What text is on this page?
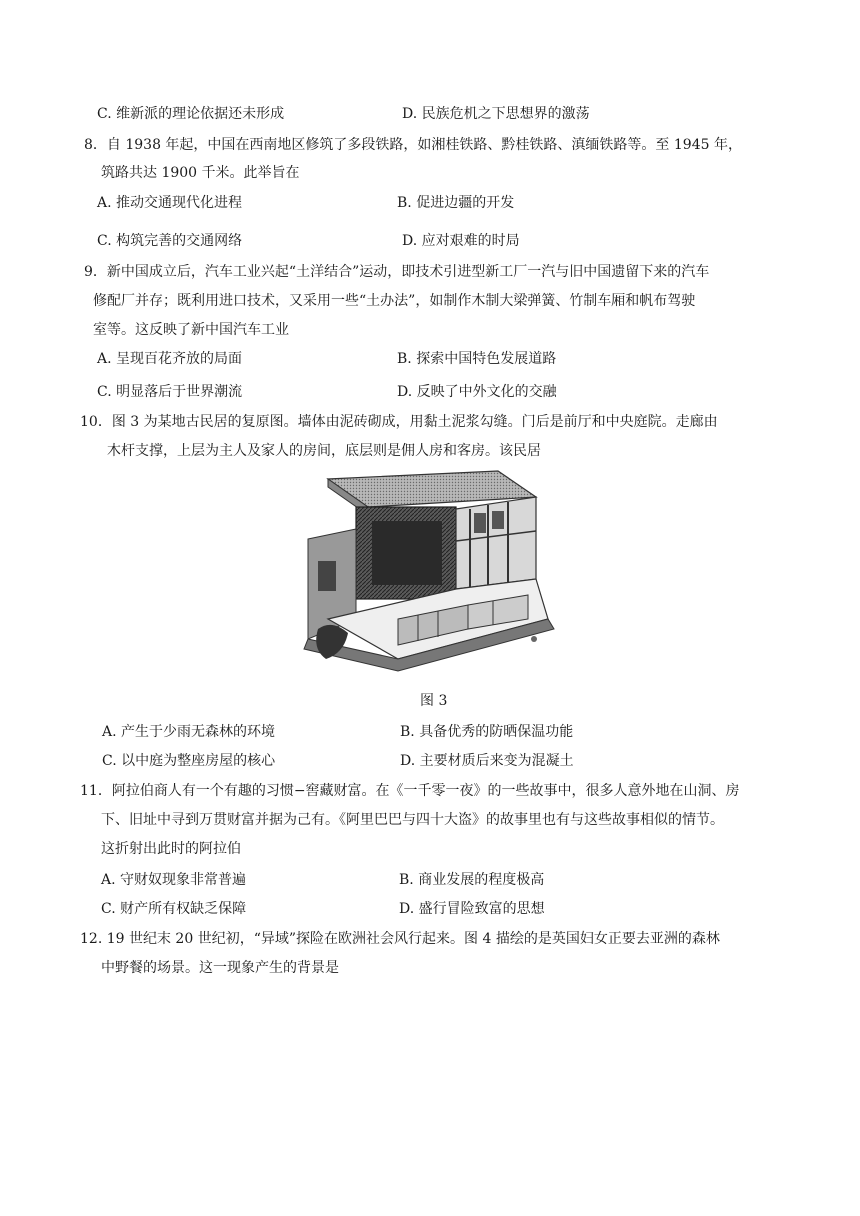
C. 维新派的理论依据还未形成	D. 民族危机之下思想界的激荡
8．自 1938 年起，中国在西南地区修筑了多段铁路，如湘桂铁路、黔桂铁路、滇缅铁路等。至 1945 年，
筑路共达 1900 千米。此举旨在
A. 推动交通现代化进程	B. 促进边疆的开发
C. 构筑完善的交通网络	D. 应对艰难的时局
9．新中国成立后，汽车工业兴起“土洋结合”运动，即技术引进型新工厂一汽与旧中国遗留下来的汽车
修配厂并存；既利用进口技术，又采用一些“土办法”，如制作木制大梁弹簧、竹制车厢和帆布驾驶
室等。这反映了新中国汽车工业
A. 呈现百花齐放的局面	B. 探索中国特色发展道路
C. 明显落后于世界潮流	D. 反映了中外文化的交融
10．图 3 为某地古民居的复原图。墙体由泥砖砌成，用黏土泥浆勾缝。门后是前厅和中央庭院。走廊由
木杆支撑，上层为主人及家人的房间，底层则是佣人房和客房。该民居
图 3
A. 产生于少雨无森林的环境	B. 具备优秀的防晒保温功能
C. 以中庭为整座房屋的核心	D. 主要材质后来变为混凝土
11．阿拉伯商人有一个有趣的习惯−窖藏财富。在《一千零一夜》的一些故事中，很多人意外地在山洞、房
下、旧址中寻到万贯财富并据为己有。《阿里巴巴与四十大盗》的故事里也有与这些故事相似的情节。
这折射出此时的阿拉伯
A. 守财奴现象非常普遍	B. 商业发展的程度极高
C. 财产所有权缺乏保障	D. 盛行冒险致富的思想
12. 19 世纪末 20 世纪初，“异域”探险在欧洲社会风行起来。图 4 描绘的是英国妇女正要去亚洲的森林
中野餐的场景。这一现象产生的背景是
